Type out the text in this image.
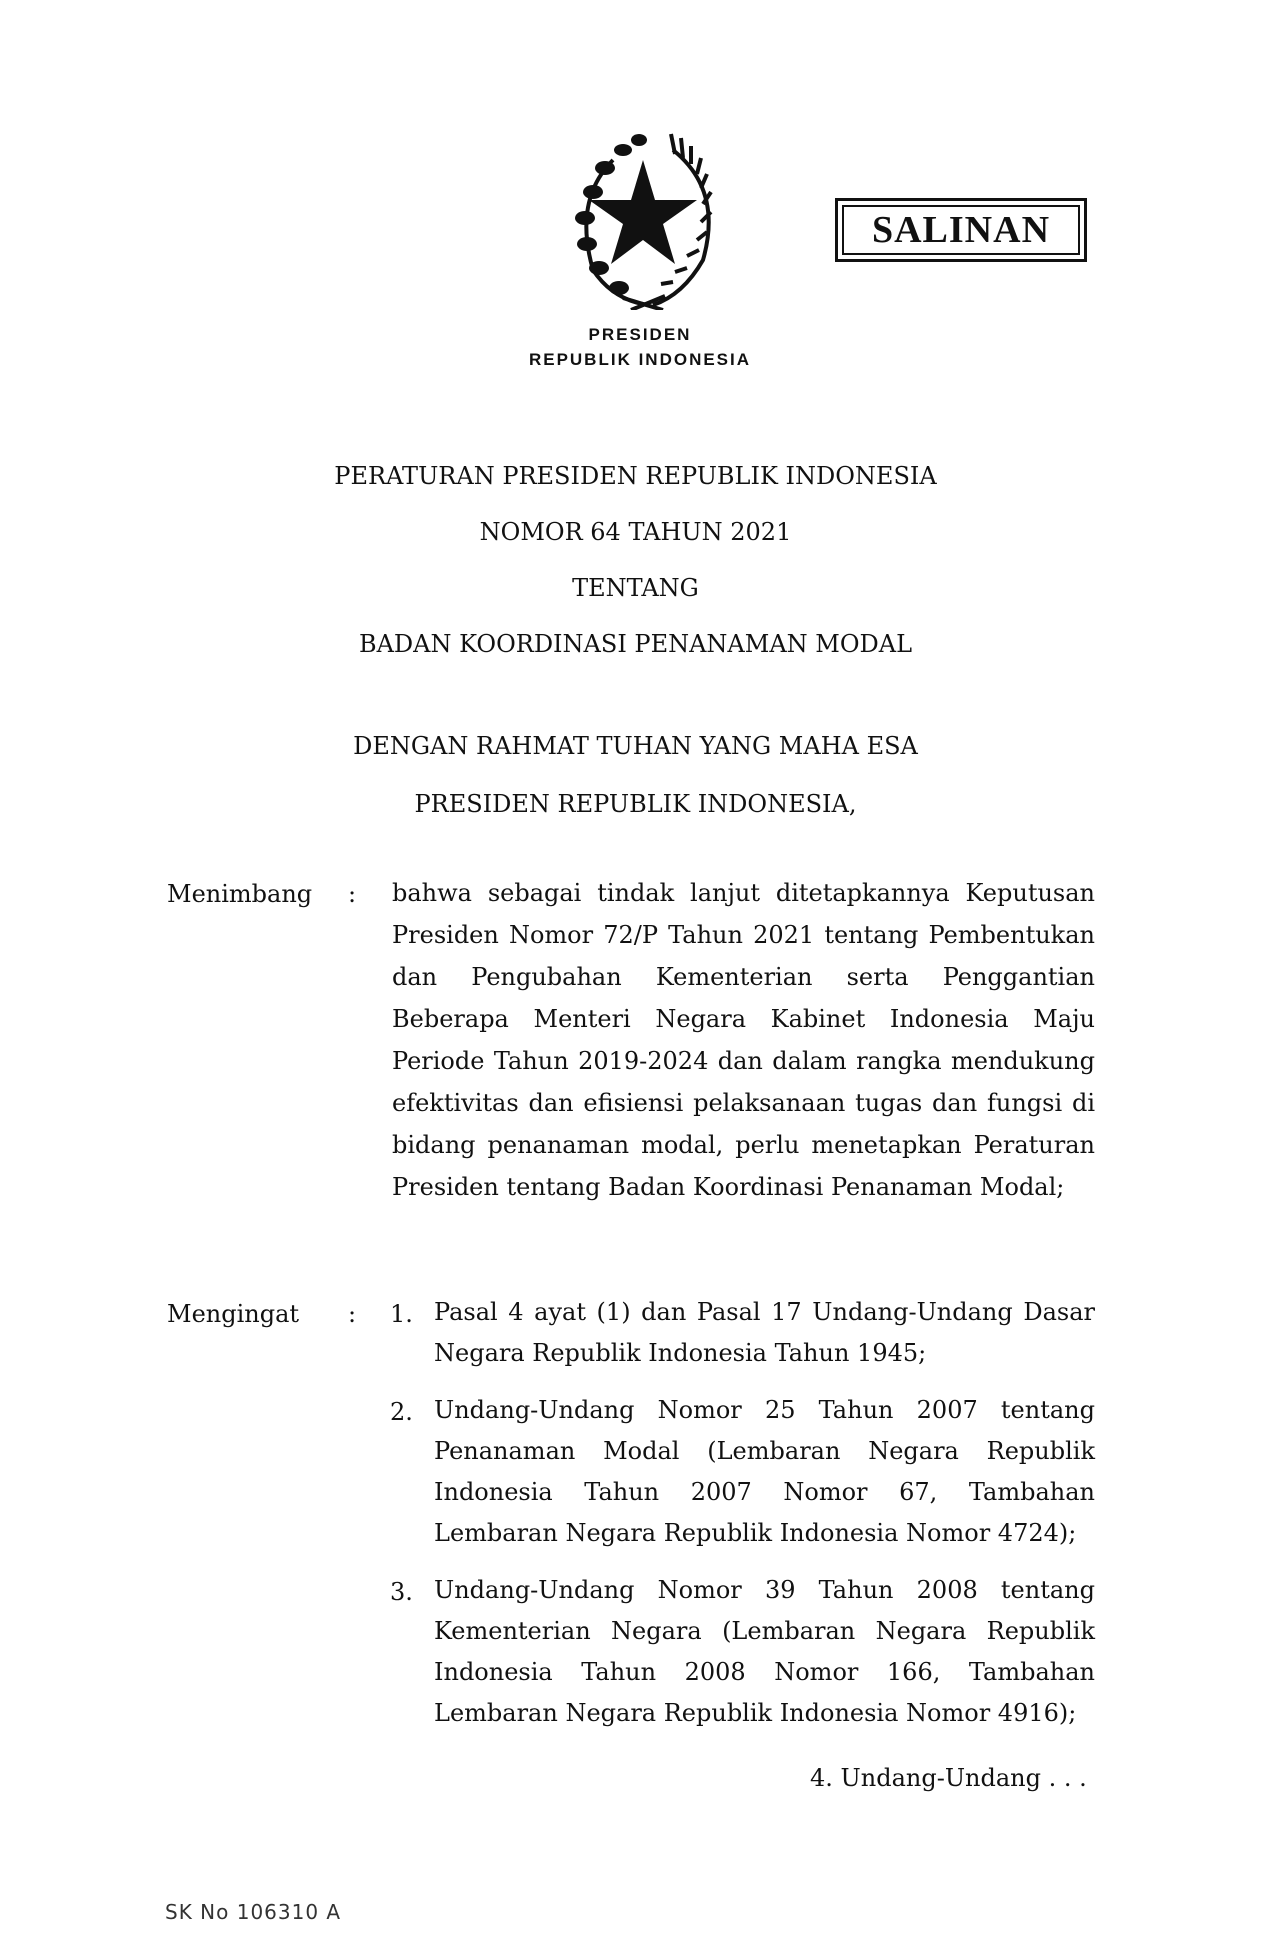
SALINAN
PRESIDEN
REPUBLIK INDONESIA
PERATURAN PRESIDEN REPUBLIK INDONESIA
NOMOR 64 TAHUN 2021
TENTANG
BADAN KOORDINASI PENANAMAN MODAL
DENGAN RAHMAT TUHAN YANG MAHA ESA
PRESIDEN REPUBLIK INDONESIA,
Menimbang : bahwa sebagai tindak lanjut ditetapkannya Keputusan Presiden Nomor 72/P Tahun 2021 tentang Pembentukan dan Pengubahan Kementerian serta Penggantian Beberapa Menteri Negara Kabinet Indonesia Maju Periode Tahun 2019-2024 dan dalam rangka mendukung efektivitas dan efisiensi pelaksanaan tugas dan fungsi di bidang penanaman modal, perlu menetapkan Peraturan Presiden tentang Badan Koordinasi Penanaman Modal;
Mengingat : 1. Pasal 4 ayat (1) dan Pasal 17 Undang-Undang Dasar Negara Republik Indonesia Tahun 1945;
2. Undang-Undang Nomor 25 Tahun 2007 tentang Penanaman Modal (Lembaran Negara Republik Indonesia Tahun 2007 Nomor 67, Tambahan Lembaran Negara Republik Indonesia Nomor 4724);
3. Undang-Undang Nomor 39 Tahun 2008 tentang Kementerian Negara (Lembaran Negara Republik Indonesia Tahun 2008 Nomor 166, Tambahan Lembaran Negara Republik Indonesia Nomor 4916);
4. Undang-Undang . . .
SK No 106310 A
